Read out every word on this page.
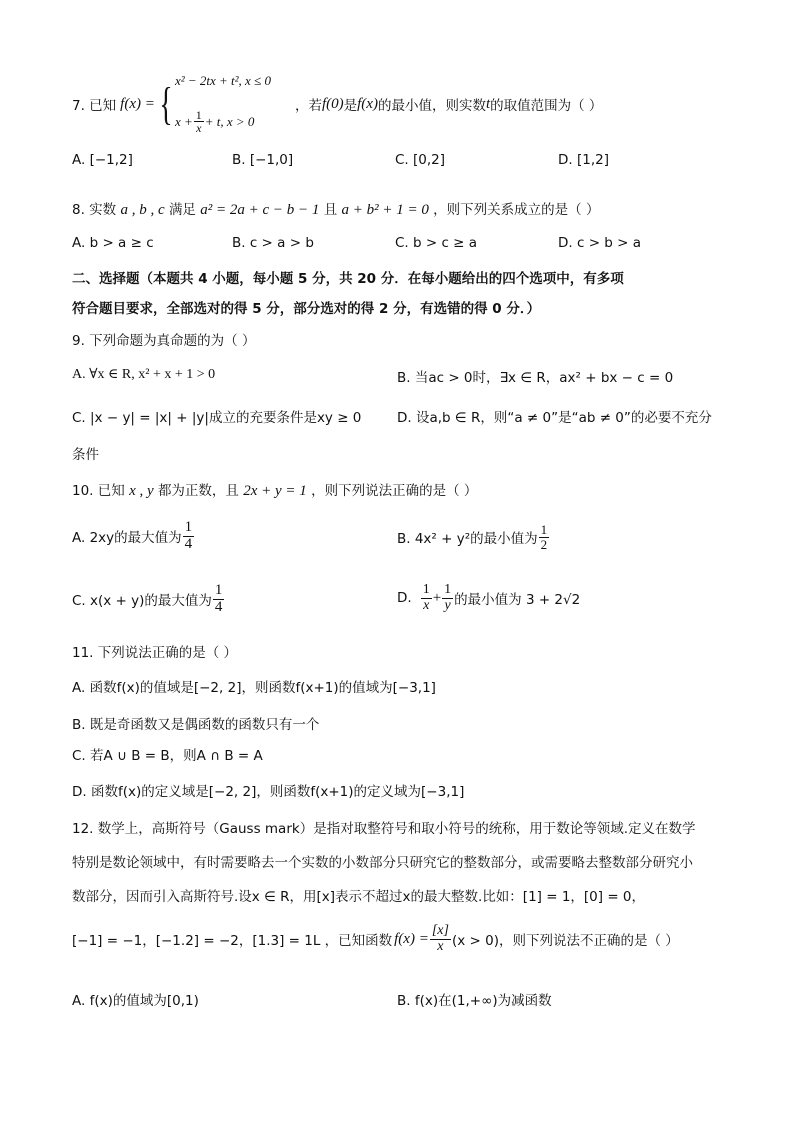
7. 已知 f(x) = { x² − 2tx + t², x ≤ 0
$x + \frac{1}{x} + t$, x > 0
，若 f(0) 是 f(x) 的最小值，则实数 t 的取值范围为（ ）
A. [−1,2]	B. [−1,0]	C. [0,2]	D. [1,2]
8. 实数 a , b , c 满足 a² = 2a + c − b − 1 且 a + b² + 1 = 0 ，则下列关系成立的是（ ）
A. b > a ≥ c	B. c > a > b	C. b > c ≥ a	D. c > b > a
二、选择题（本题共 4 小题，每小题 5 分，共 20 分．在每小题给出的四个选项中，有多项
符合题目要求，全部选对的得 5 分，部分选对的得 2 分，有选错的得 0 分．）
9. 下列命题为真命题的为（ ）
A. ∀x ∈ R, x² + x + 1 > 0	B. 当ac > 0时，∃x ∈ R，ax² + bx − c = 0
C. |x − y| = |x| + |y|成立的充要条件是xy ≥ 0	D. 设a,b ∈ R，则“a ≠ 0”是“ab ≠ 0”的必要不充分
条件
10. 已知 x , y 都为正数，且 2x + y = 1 ，则下列说法正确的是（ ）
A. 2xy的最大值为 $\frac{1}{4}$	B. 4x² + y²的最小值为 $\frac{1}{2}$
C. x(x + y)的最大值为 $\frac{1}{4}$	D. $\frac{1}{x} + \frac{1}{y}$ 的最小值为 3 + 2√2
11. 下列说法正确的是（ ）
A. 函数f(x)的值域是[−2, 2]，则函数f(x+1)的值域为[−3,1]
B. 既是奇函数又是偶函数的函数只有一个
C. 若A ∪ B = B，则A ∩ B = A
D. 函数f(x)的定义域是[−2, 2]，则函数f(x+1)的定义域为[−3,1]
12. 数学上，高斯符号（Gauss mark）是指对取整符号和取小符号的统称，用于数论等领域.定义在数学
特别是数论领域中，有时需要略去一个实数的小数部分只研究它的整数部分，或需要略去整数部分研究小
数部分，因而引入高斯符号.设x ∈ R，用[x]表示不超过x的最大整数.比如：[1] = 1，[0] = 0，
[−1] = −1，[−1.2] = −2，[1.3] = 1L ，已知函数 $f(x) = \frac{[x]}{x} (x > 0)$，则下列说法不正确的是（ ）
A. f(x)的值域为[0,1)	B. f(x)在(1,+∞)为减函数
